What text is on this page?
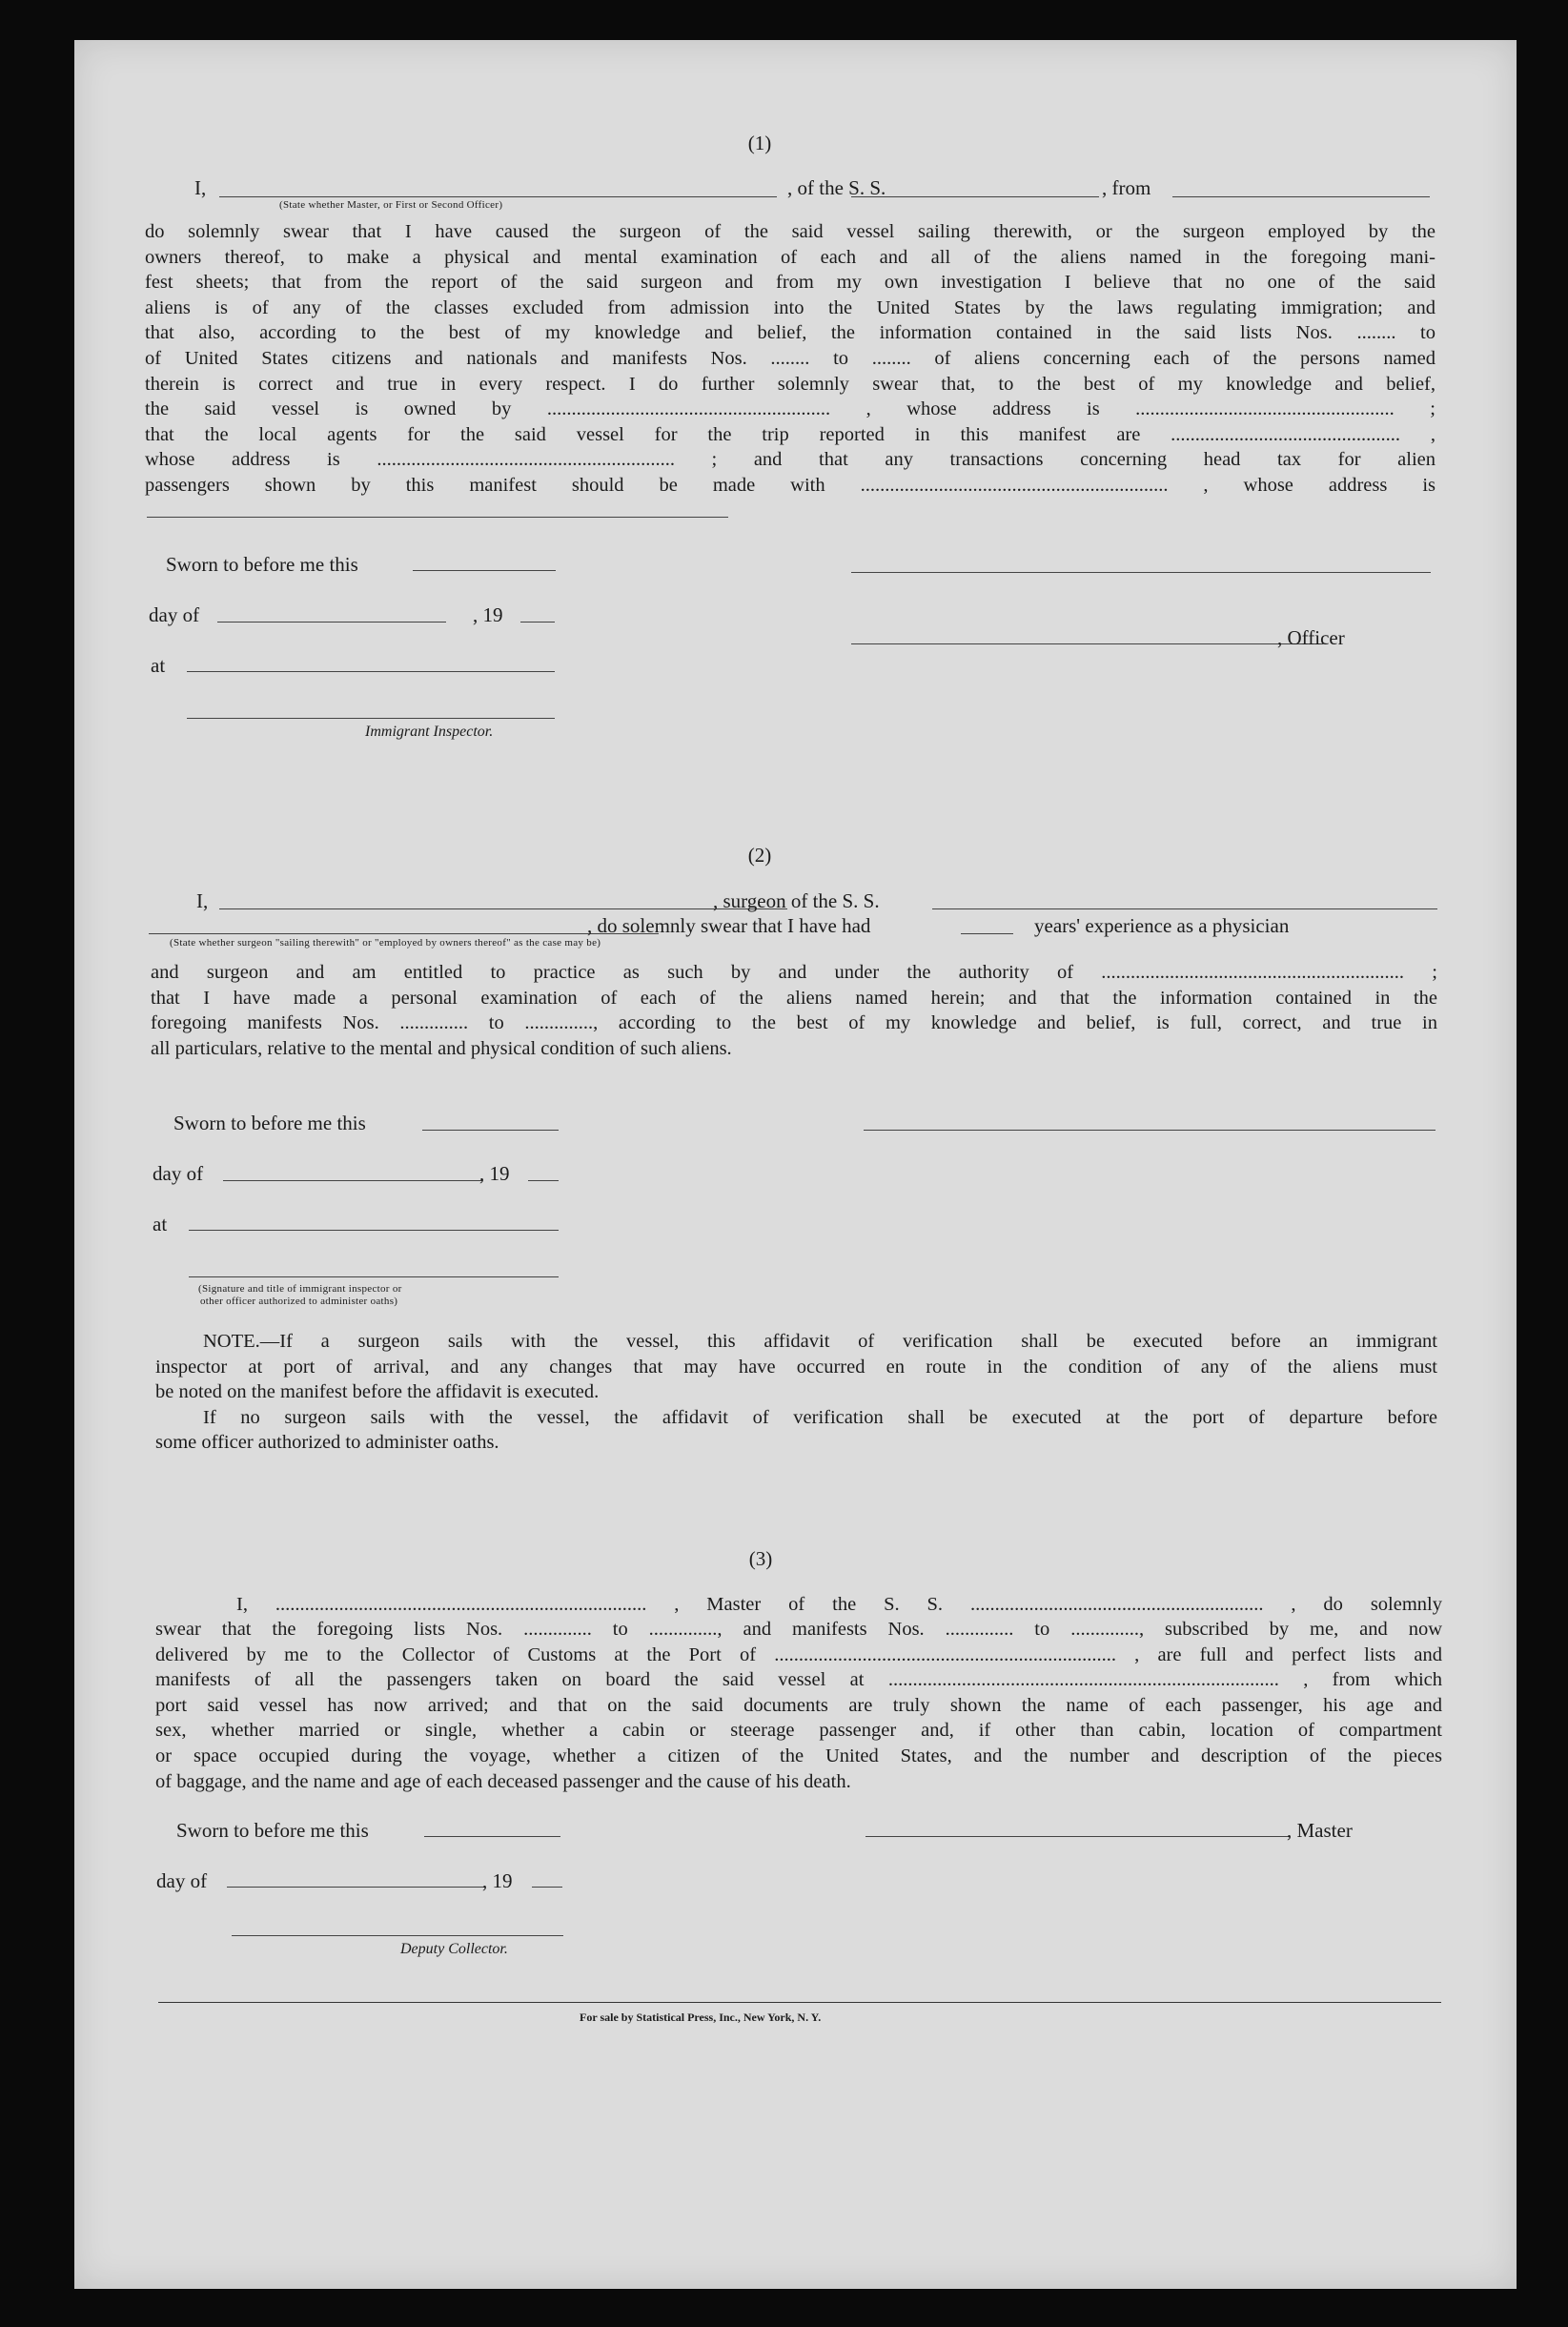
(1)
I,
(State whether Master, or First or Second Officer)
, of the S. S.	, from
do solemnly swear that I have caused the surgeon of the said vessel sailing therewith, or the surgeon employed by the
owners thereof, to make a physical and mental examination of each and all of the aliens named in the foregoing mani-
fest sheets; that from the report of the said surgeon and from my own investigation I believe that no one of the said
aliens is of any of the classes excluded from admission into the United States by the laws regulating immigration; and
that also, according to the best of my knowledge and belief, the information contained in the said lists Nos. ........ to
of United States citizens and nationals and manifests Nos. ........ to ........ of aliens concerning each of the persons named
therein is correct and true in every respect. I do further solemnly swear that, to the best of my knowledge and belief,
the said vessel is owned by .......................................................... , whose address is ..................................................... ;
that the local agents for the said vessel for the trip reported in this manifest are ............................................... ,
whose address is ............................................................. ; and that any transactions concerning head tax for alien
passengers shown by this manifest should be made with ............................................................... , whose address is
Sworn to before me this
day of	, 19
, Officer
at
Immigrant Inspector.
(2)
I,	, surgeon of the S. S.
, do solemnly swear that I have had	years' experience as a physician
(State whether surgeon "sailing therewith" or "employed by owners thereof" as the case may be)
and surgeon and am entitled to practice as such by and under the authority of .............................................................. ;
that I have made a personal examination of each of the aliens named herein; and that the information contained in the
foregoing manifests Nos. .............. to .............., according to the best of my knowledge and belief, is full, correct, and true in
all particulars, relative to the mental and physical condition of such aliens.
Sworn to before me this
day of	, 19
at
(Signature and title of immigrant inspector or
other officer authorized to administer oaths)
NOTE.—If a surgeon sails with the vessel, this affidavit of verification shall be executed before an immigrant
inspector at port of arrival, and any changes that may have occurred en route in the condition of any of the aliens must
be noted on the manifest before the affidavit is executed.
If no surgeon sails with the vessel, the affidavit of verification shall be executed at the port of departure before
some officer authorized to administer oaths.
(3)
I, ............................................................................ , Master of the S. S. ............................................................ , do solemnly
swear that the foregoing lists Nos. .............. to .............., and manifests Nos. .............. to .............., subscribed by me, and now
delivered by me to the Collector of Customs at the Port of ...................................................................... , are full and perfect lists and
manifests of all the passengers taken on board the said vessel at ................................................................................ , from which
port said vessel has now arrived; and that on the said documents are truly shown the name of each passenger, his age and
sex, whether married or single, whether a cabin or steerage passenger and, if other than cabin, location of compartment
or space occupied during the voyage, whether a citizen of the United States, and the number and description of the pieces
of baggage, and the name and age of each deceased passenger and the cause of his death.
Sworn to before me this	, Master
day of	, 19
Deputy Collector.
For sale by Statistical Press, Inc., New York, N. Y.
